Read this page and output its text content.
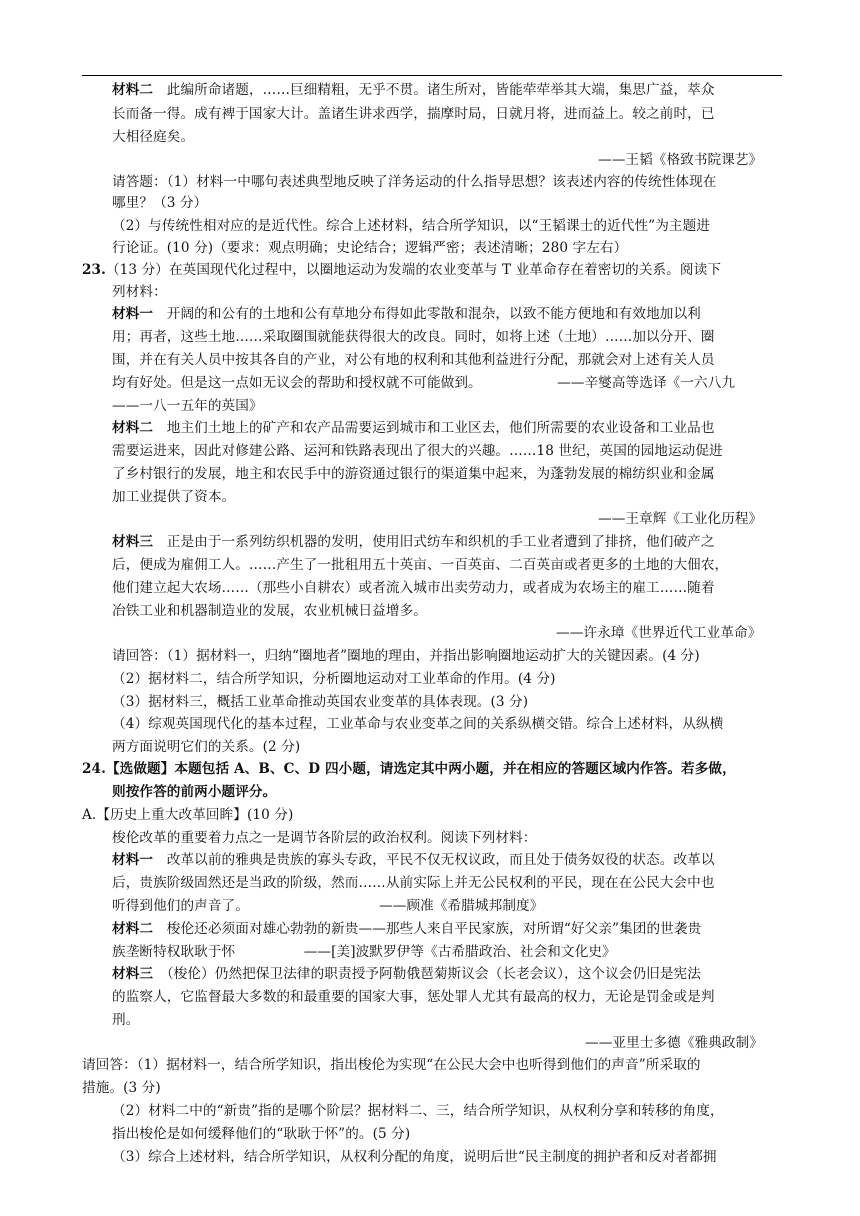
材料二　此编所命诸题，……巨细精粗，无乎不贯。诸生所对，皆能荦荦举其大端，集思广益，萃众
长而备一得。成有裨于国家大计。盖诸生讲求西学，揣摩时局，日就月将，进而益上。较之前时，已
大相径庭矣。
——王韬《格致书院课艺》
请答题：（1）材料一中哪句表述典型地反映了洋务运动的什么指导思想？该表述内容的传统性体现在
哪里？（3 分）
（2）与传统性相对应的是近代性。综合上述材料，结合所学知识，以“王韬课士的近代性”为主题进
行论证。(10 分)（要求：观点明确；史论结合；逻辑严密；表述清晰；280 字左右）
23.（13 分）在英国现代化过程中，以圈地运动为发端的农业变革与 T 业革命存在着密切的关系。阅读下
列材料：
材料一　开阔的和公有的土地和公有草地分布得如此零散和混杂，以致不能方便地和有效地加以利
用；再者，这些土地……采取圈围就能获得很大的改良。同时，如将上述（土地）……加以分开、圈
围，并在有关人员中按其各自的产业，对公有地的权利和其他利益进行分配，那就会对上述有关人员
均有好处。但是这一点如无议会的帮助和授权就不可能做到。　　　　　　——辛燮高等选译《一六八九
——一八一五年的英国》
材料二　地主们土地上的矿产和农产品需要运到城市和工业区去，他们所需要的农业设备和工业品也
需要运进来，因此对修建公路、运河和铁路表现出了很大的兴趣。……18 世纪，英国的园地运动促进
了乡村银行的发展，地主和农民手中的游资通过银行的渠道集中起来，为蓬勃发展的棉纺织业和金属
加工业提供了资本。
——王章辉《工业化历程》
材料三　正是由于一系列纺织机器的发明，使用旧式纺车和织机的手工业者遭到了排挤，他们破产之
后，便成为雇佣工人。……产生了一批租用五十英亩、一百英亩、二百英亩或者更多的土地的大佃农，
他们建立起大农场……（那些小自耕农）或者流入城市出卖劳动力，或者成为农场主的雇工……随着
冶铁工业和机器制造业的发展，农业机械日益增多。
——许永璋《世界近代工业革命》
请回答：（1）据材料一，归纳“圈地者”圈地的理由，并指出影响圈地运动扩大的关键因素。(4 分)
（2）据材料二，结合所学知识，分析圈地运动对工业革命的作用。(4 分)
（3）据材料三，概括工业革命推动英国农业变革的具体表现。(3 分)
（4）综观英国现代化的基本过程，工业革命与农业变革之间的关系纵横交错。综合上述材料，从纵横
两方面说明它们的关系。(2 分)
24.【选做题】本题包括 A、B、C、D 四小题，请选定其中两小题，并在相应的答题区域内作答。若多做，
则按作答的前两小题评分。
A.【历史上重大改革回眸】(10 分)
梭伦改革的重要着力点之一是调节各阶层的政治权利。阅读下列材料：
材料一　改革以前的雅典是贵族的寡头专政，平民不仅无权议政，而且处于债务奴役的状态。改革以
后，贵族阶级固然还是当政的阶级，然而……从前实际上并无公民权利的平民，现在在公民大会中也
听得到他们的声音了。　　　　　　　　　　——顾准《希腊城邦制度》
材料二　梭伦还必须面对雄心勃勃的新贵——那些人来自平民家族，对所谓“好父亲”集团的世袭贵
族垄断特权耿耿于怀　　　　　——[美]波默罗伊等《古希腊政治、社会和文化史》
材料三　（梭伦）仍然把保卫法律的职责授予阿勒俄琶菊斯议会（长老会议），这个议会仍旧是宪法
的监察人，它监督最大多数的和最重要的国家大事，惩处罪人尤其有最高的权力，无论是罚金或是判
刑。
——亚里士多德《雅典政制》
请回答：（1）据材料一，结合所学知识，指出梭伦为实现“在公民大会中也听得到他们的声音”所采取的
措施。(3 分)
（2）材料二中的“新贵”指的是哪个阶层？据材料二、三，结合所学知识，从权利分享和转移的角度，
指出梭伦是如何缓释他们的“耿耿于怀”的。(5 分)
（3）综合上述材料，结合所学知识，从权利分配的角度，说明后世“民主制度的拥护者和反对者都拥
